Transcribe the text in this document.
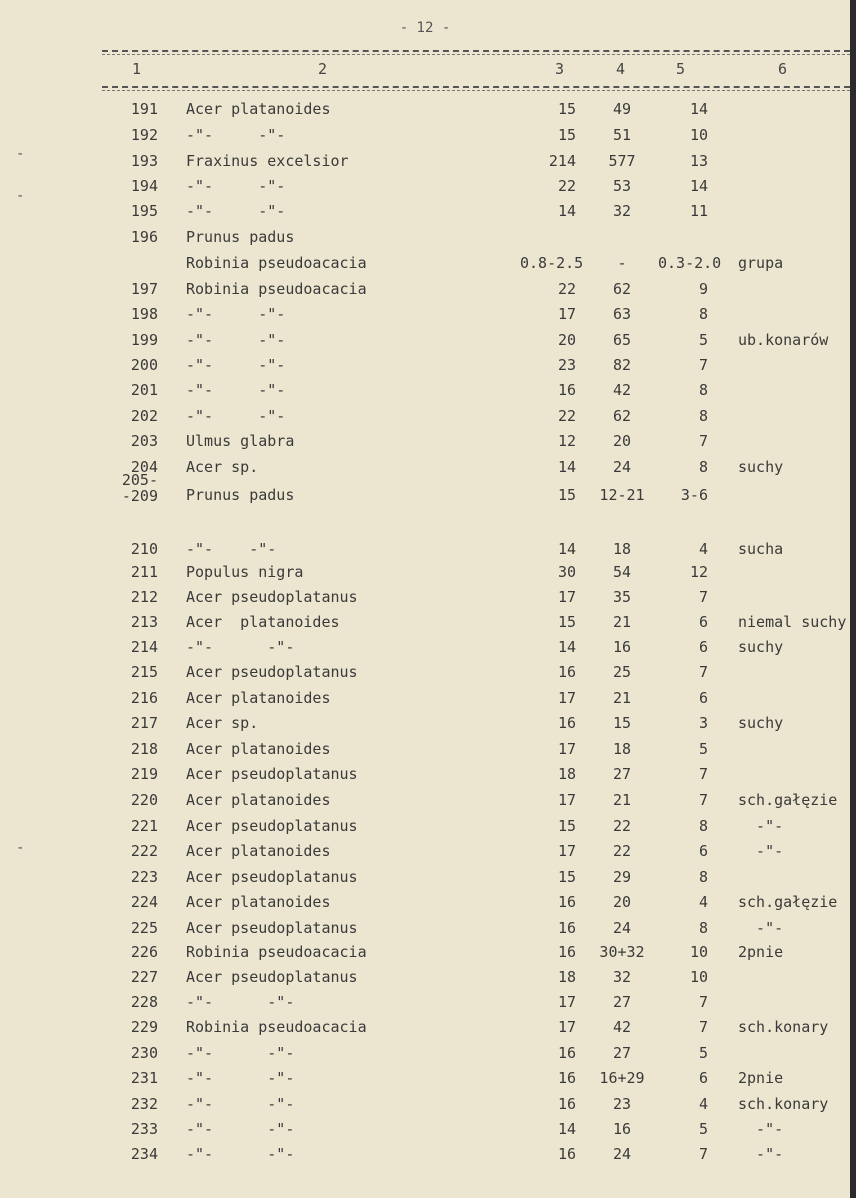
- 12 -
1	2	3	4	5	6
-
-
-
191 Acer platanoides	15	49	14
192 -"-     -"-	15	51	10
193 Fraxinus excelsior	214	577	13
194 -"-     -"-	22	53	14
195 -"-     -"-	14	32	11
196 Prunus padus
Robinia pseudoacacia	0.8-2.5	-	0.3-2.0 grupa
197 Robinia pseudoacacia	22	62	9
198 -"-     -"-	17	63	8
199 -"-     -"-	20	65	5 ub.konarów
200 -"-     -"-	23	82	7
201 -"-     -"-	16	42	8
202 -"-     -"-	22	62	8
203 Ulmus glabra	12	20	7
204 Acer sp.	14	24	8 suchy
205-
-209 Prunus padus	15	12-21	3-6
210 -"-    -"-	14	18	4 sucha
211 Populus nigra	30	54	12
212 Acer pseudoplatanus	17	35	7
213 Acer  platanoides	15	21	6 niemal suchy
214 -"-      -"-	14	16	6 suchy
215 Acer pseudoplatanus	16	25	7
216 Acer platanoides	17	21	6
217 Acer sp.	16	15	3 suchy
218 Acer platanoides	17	18	5
219 Acer pseudoplatanus	18	27	7
220 Acer platanoides	17	21	7 sch.gałęzie
221 Acer pseudoplatanus	15	22	8 -"-
222 Acer platanoides	17	22	6 -"-
223 Acer pseudoplatanus	15	29	8
224 Acer platanoides	16	20	4 sch.gałęzie
225 Acer pseudoplatanus	16	24	8 -"-
226 Robinia pseudoacacia	16	30+32	10 2pnie
227 Acer pseudoplatanus	18	32	10
228 -"-      -"-	17	27	7
229 Robinia pseudoacacia	17	42	7 sch.konary
230 -"-      -"-	16	27	5
231 -"-      -"-	16	16+29	6 2pnie
232 -"-      -"-	16	23	4 sch.konary
233 -"-      -"-	14	16	5 -"-
234 -"-      -"-	16	24	7 -"-
